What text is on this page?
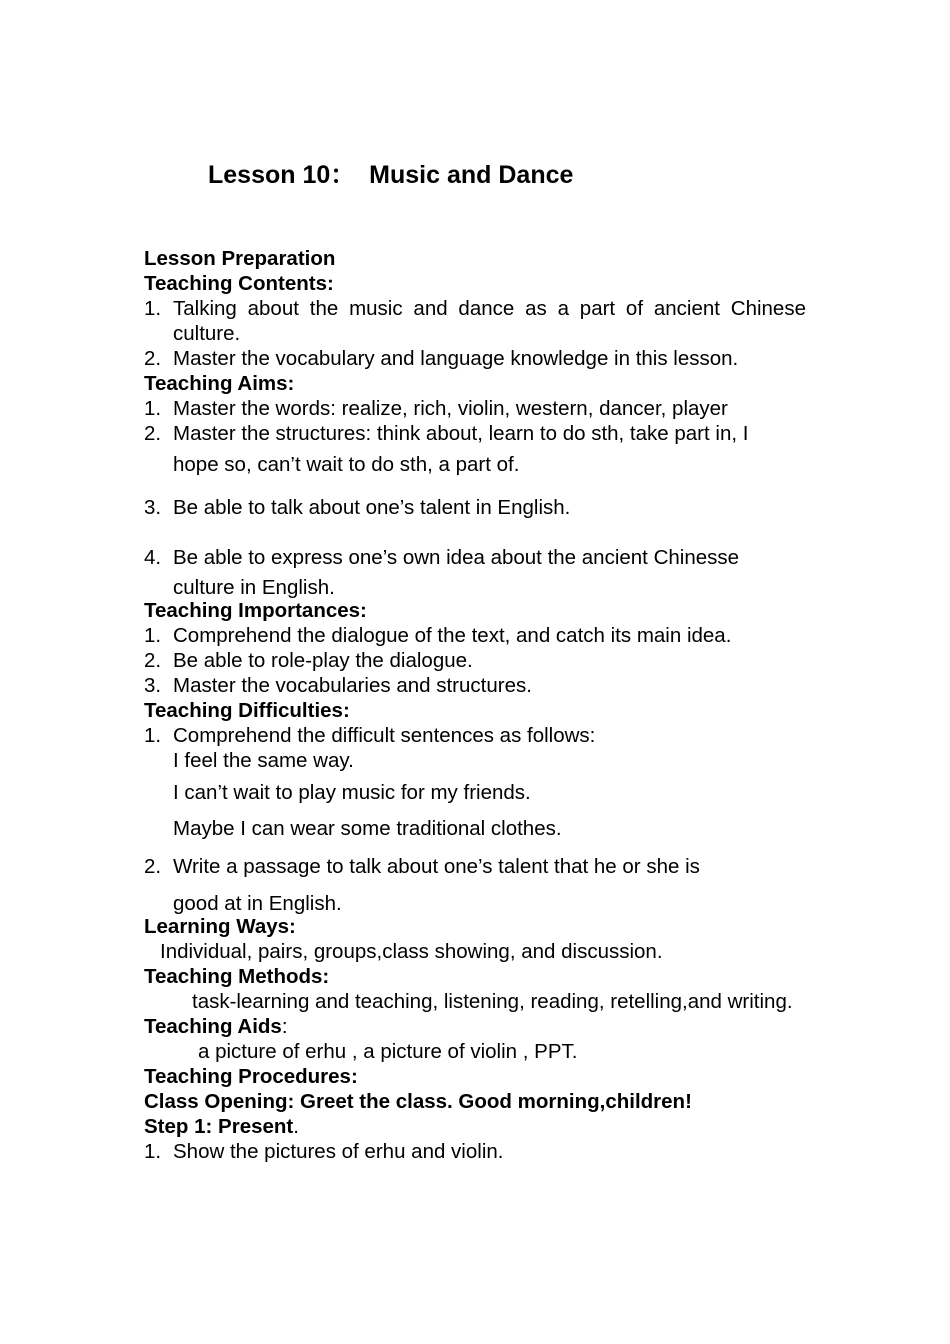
Lesson 10：  Music and Dance
Lesson Preparation
Teaching Contents:
1. Talking about the music and dance as a part of ancient Chinese culture.
2. Master the vocabulary and language knowledge in this lesson.
Teaching Aims:
1. Master the words: realize, rich, violin, western, dancer, player
2. Master the structures: think about, learn to do sth, take part in, I
hope so, can’t wait to do sth, a part of.
3. Be able to talk about one’s talent in English.
4. Be able to express one’s own idea about the ancient Chinesse
culture in English.
Teaching Importances:
1. Comprehend the dialogue of the text, and catch its main idea.
2. Be able to role-play the dialogue.
3. Master the vocabularies and structures.
Teaching Difficulties:
1. Comprehend the difficult sentences as follows:
I feel the same way.
I can’t wait to play music for my friends.
Maybe I can wear some traditional clothes.
2. Write a passage to talk about one’s talent that he or she is
good at in English.
Learning Ways:
Individual, pairs, groups,class showing, and discussion.
Teaching Methods:
task-learning and teaching, listening, reading, retelling,and writing.
Teaching Aids:
a picture of erhu , a picture of violin , PPT.
Teaching Procedures:
Class Opening: Greet the class. Good morning,children!
Step 1: Present.
1. Show the pictures of erhu and violin.
